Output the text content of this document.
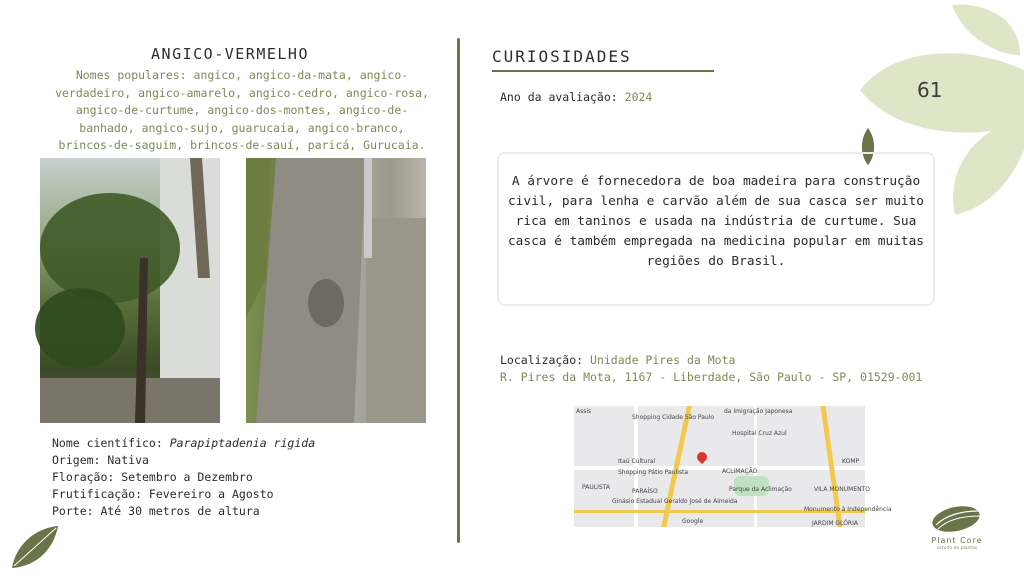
ANGICO-VERMELHO
Nomes populares: angico, angico-da-mata, angico-verdadeiro, angico-amarelo, angico-cedro, angico-rosa, angico-de-curtume, angico-dos-montes, angico-de-banhado, angico-sujo, guarucaia, angico-branco, brincos-de-saguim, brincos-de-sauí, paricá, Gurucaia.
Nome científico: Parapiptadenia rigida
Origem: Nativa
Floração: Setembro a Dezembro
Frutificação: Fevereiro a Agosto
Porte: Até 30 metros de altura
CURIOSIDADES
Ano da avaliação: 2024
A árvore é fornecedora de boa madeira para construção civil, para lenha e carvão além de sua casca ser muito rica em taninos e usada na indústria de curtume. Sua casca é também empregada na medicina popular em muitas regiões do Brasil.
Localização: Unidade Pires da Mota
R. Pires da Mota, 1167 - Liberdade, São Paulo - SP, 01529-001
Assis
Shopping Cidade São Paulo
da Imigração Japonesa
Hospital Cruz Azul
Itaú Cultural
Shopping Pátio Paulista	ACLIMAÇÃO
PAULISTA
PARAÍSO	Parque da Aclimação
Ginásio Estadual Geraldo José de Almeida
Monumento à Independência
Google
KOMP
VILA MONUMENTO
JARDIM GLÓRIA
61
Plant Core
estudo de plantas
